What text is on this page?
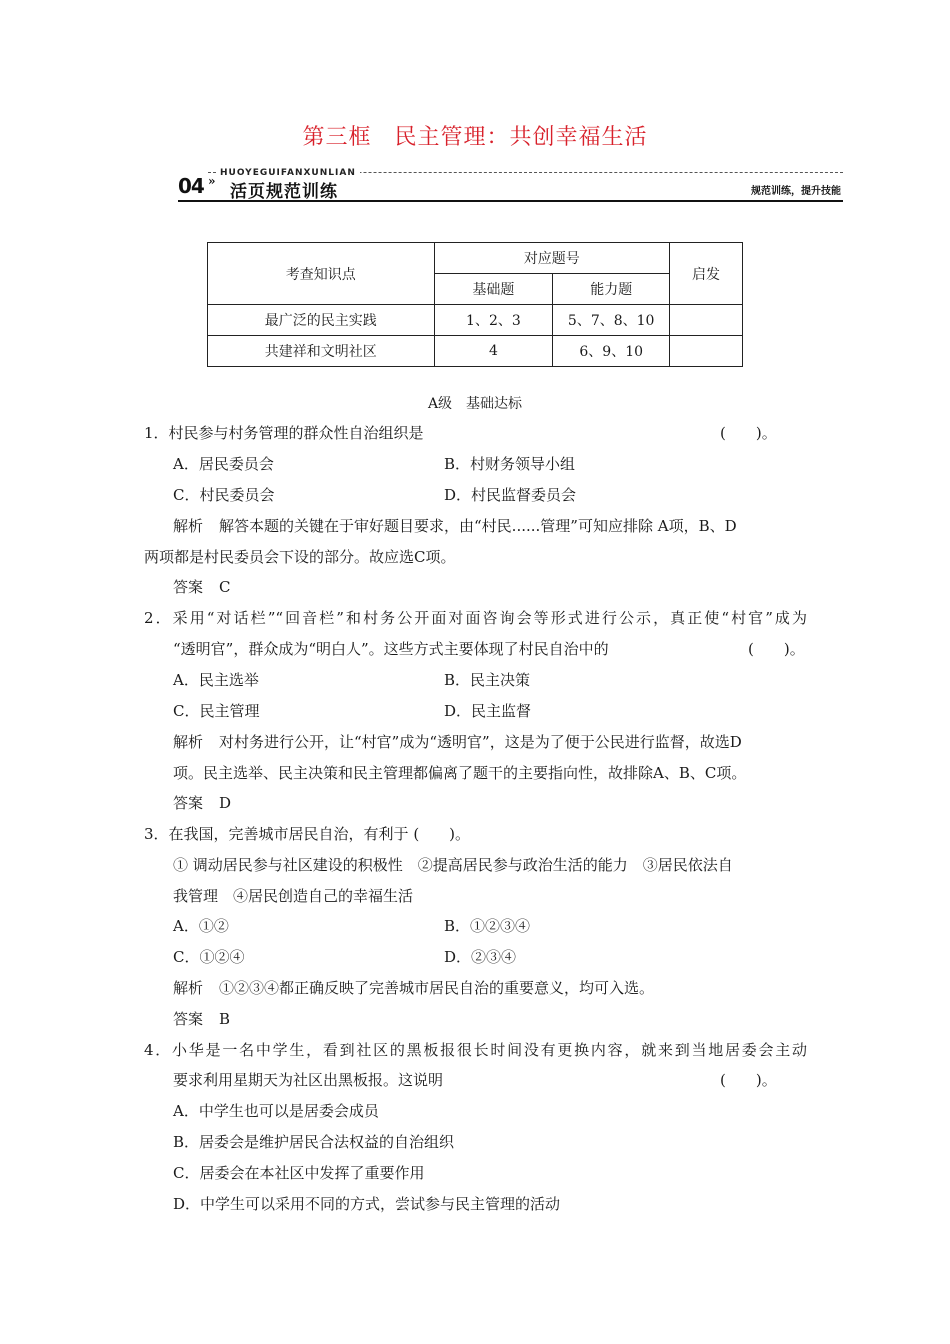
第三框　民主管理：共创幸福生活
HUOYEGUIFANXUNLIAN
04 »
活页规范训练	规范训练，提升技能
考查知识点	对应题号		启发
	基础题	能力题	
最广泛的民主实践	1、2、3	5、7、8、10	
共建祥和文明社区	4	6、9、10	
A级　基础达标
1．村民参与村务管理的群众性自治组织是	(　　)。
A．居民委员会	B．村财务领导小组
C．村民委员会	D．村民监督委员会
解析 解答本题的关键在于审好题目要求，由“村民......管理”可知应排除 A项，B、D
两项都是村民委员会下设的部分。故应选C项。
答案 C
2．采用“对话栏”“回音栏”和村务公开面对面咨询会等形式进行公示，真正使“村官”成为
“透明官”，群众成为“明白人”。这些方式主要体现了村民自治中的	(　　)。
A．民主选举	B．民主决策
C．民主管理	D．民主监督
解析 对村务进行公开，让“村官”成为“透明官”，这是为了便于公民进行监督，故选D
项。民主选举、民主决策和民主管理都偏离了题干的主要指向性，故排除A、B、C项。
答案 D
3．在我国，完善城市居民自治，有利于 (　　)。
① 调动居民参与社区建设的积极性　②提高居民参与政治生活的能力　③居民依法自
我管理　④居民创造自己的幸福生活
A．①②	B．①②③④
C．①②④	D．②③④
解析 ①②③④都正确反映了完善城市居民自治的重要意义，均可入选。
答案 B
4．小华是一名中学生，看到社区的黑板报很长时间没有更换内容，就来到当地居委会主动
要求利用星期天为社区出黑板报。这说明	(　　)。
A．中学生也可以是居委会成员
B．居委会是维护居民合法权益的自治组织
C．居委会在本社区中发挥了重要作用
D．中学生可以采用不同的方式，尝试参与民主管理的活动
